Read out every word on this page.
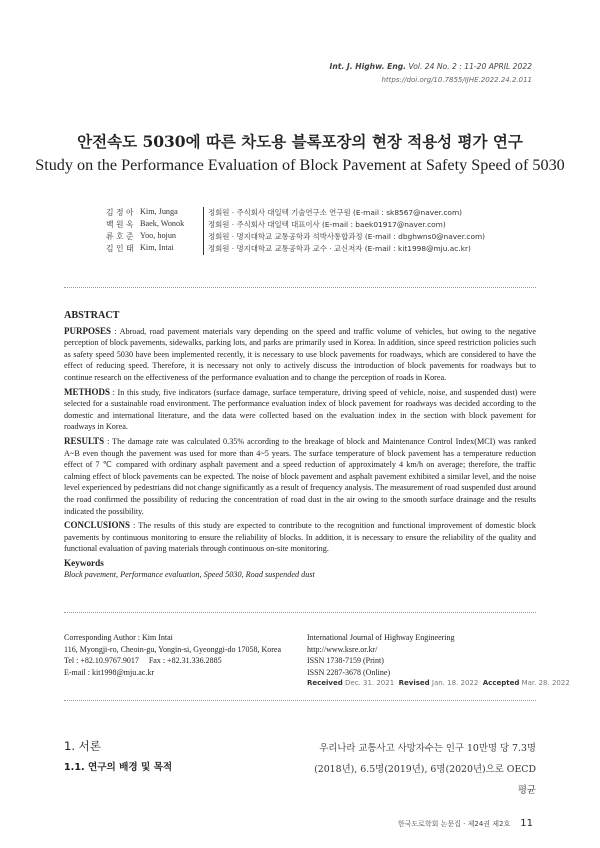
Int. J. Highw. Eng. Vol. 24 No. 2 : 11-20 APRIL 2022
https://doi.org/10.7855/IJHE.2022.24.2.011
안전속도 5030에 따른 차도용 블록포장의 현장 적용성 평가 연구
Study on the Performance Evaluation of Block Pavement at Safety Speed of 5030
김 정 아 Kim, Junga	정회원 · 주식회사 대일텍 기술연구소 연구원 (E-mail : sk8567@naver.com)
백 원 옥 Baek, Wonok	정회원 · 주식회사 대일텍 대표이사 (E-mail : baek01917@naver.com)
류 호 준 Yoo, hojun	정회원 · 명지대학교 교통공학과 석박사통합과정 (E-mail : dbghwns0@naver.com)
김 인 태 Kim, Intai	정회원 · 명지대학교 교통공학과 교수 · 교신저자 (E-mail : kit1998@mju.ac.kr)
ABSTRACT

PURPOSES : Abroad, road pavement materials vary depending on the speed and traffic volume of vehicles, but owing to the negative perception of block pavements, sidewalks, parking lots, and parks are primarily used in Korea. In addition, since speed restriction policies such as safety speed 5030 have been implemented recently, it is necessary to use block pavements for roadways, which are considered to have the effect of reducing speed. Therefore, it is necessary not only to actively discuss the introduction of block pavements for roadways but to continue research on the effectiveness of the performance evaluation and to change the perception of roads in Korea.

METHODS : In this study, five indicators (surface damage, surface temperature, driving speed of vehicle, noise, and suspended dust) were selected for a sustainable road environment. The performance evaluation index of block pavement for roadways was decided according to the domestic and international literature, and the data were collected based on the evaluation index in the section with block pavement for roadways in Korea.

RESULTS : The damage rate was calculated 0.35% according to the breakage of block and Maintenance Control Index(MCI) was ranked A~B even though the pavement was used for more than 4~5 years. The surface temperature of block pavement has a temperature reduction effect of 7 ℃ compared with ordinary asphalt pavement and a speed reduction of approximately 4 km/h on average; therefore, the traffic calming effect of block pavements can be expected. The noise of block pavement and asphalt pavement exhibited a similar level, and the noise level experienced by pedestrians did not change significantly as a result of frequency analysis. The measurement of road suspended dust around the road confirmed the possibility of reducing the concentration of road dust in the air owing to the smooth surface drainage and the results indicated the possibility.

CONCLUSIONS : The results of this study are expected to contribute to the recognition and functional improvement of domestic block pavements by continuous monitoring to ensure the reliability of blocks. In addition, it is necessary to ensure the reliability of the quality and functional evaluation of paving materials through continuous on-site monitoring.

Keywords
Block pavement, Performance evaluation, Speed 5030, Road suspended dust
Corresponding Author : Kim Intai
116, Myongji-ro, Cheoin-gu, Yongin-si, Gyeonggi-do 17058, Korea
Tel : +82.10.9767.9017     Fax : +82.31.336.2885
E-mail : kit1998@mju.ac.kr
International Journal of Highway Engineering
http://www.ksre.or.kr/
ISSN 1738-7159 (Print)
ISSN 2287-3678 (Online)
Received Dec. 31. 2021 Revised Jan. 18. 2022 Accepted Mar. 28. 2022
1. 서론
1.1. 연구의 배경 및 목적
우리나라 교통사고 사망자수는 인구 10만명 당 7.3명
(2018년), 6.5명(2019년), 6명(2020년)으로 OECD 평균
한국도로학회 논문집 · 제24권 제2호 11
